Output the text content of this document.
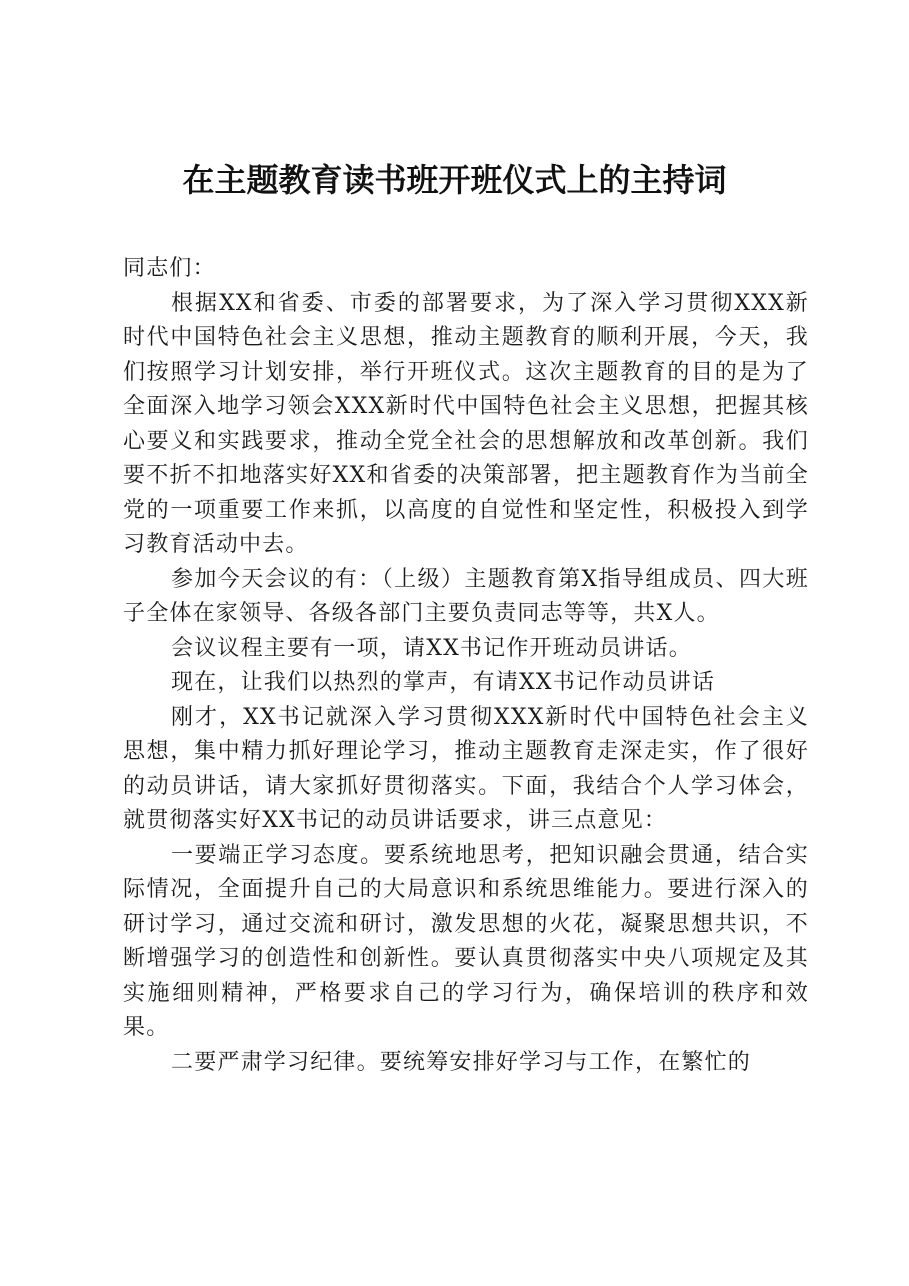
在主题教育读书班开班仪式上的主持词

同志们：

根据XX和省委、市委的部署要求，为了深入学习贯彻XXX新时代中国特色社会主义思想，推动主题教育的顺利开展，今天，我们按照学习计划安排，举行开班仪式。这次主题教育的目的是为了全面深入地学习领会XXX新时代中国特色社会主义思想，把握其核心要义和实践要求，推动全党全社会的思想解放和改革创新。我们要不折不扣地落实好XX和省委的决策部署，把主题教育作为当前全党的一项重要工作来抓，以高度的自觉性和坚定性，积极投入到学习教育活动中去。

参加今天会议的有：（上级）主题教育第X指导组成员、四大班子全体在家领导、各级各部门主要负责同志等等，共X人。

会议议程主要有一项，请XX书记作开班动员讲话。

现在，让我们以热烈的掌声，有请XX书记作动员讲话

刚才，XX书记就深入学习贯彻XXX新时代中国特色社会主义思想，集中精力抓好理论学习，推动主题教育走深走实，作了很好的动员讲话，请大家抓好贯彻落实。下面，我结合个人学习体会，就贯彻落实好XX书记的动员讲话要求，讲三点意见：

一要端正学习态度。要系统地思考，把知识融会贯通，结合实际情况，全面提升自己的大局意识和系统思维能力。要进行深入的研讨学习，通过交流和研讨，激发思想的火花，凝聚思想共识，不断增强学习的创造性和创新性。要认真贯彻落实中央八项规定及其实施细则精神，严格要求自己的学习行为，确保培训的秩序和效果。

二要严肃学习纪律。要统筹安排好学习与工作，在繁忙的
